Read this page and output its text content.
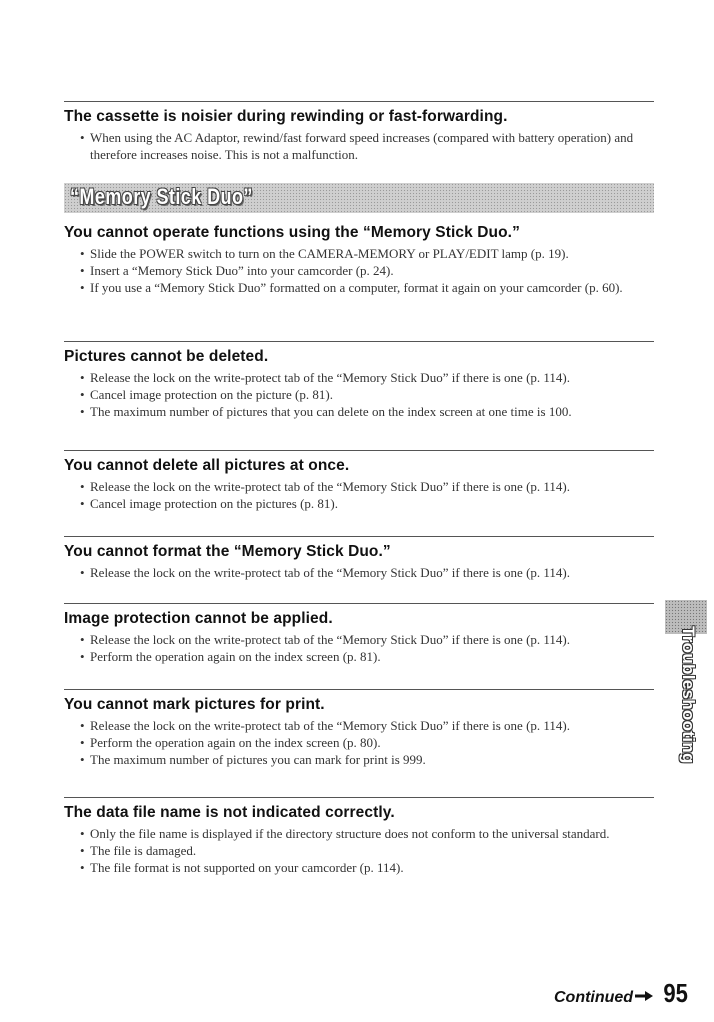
The cassette is noisier during rewinding or fast-forwarding.
• When using the AC Adaptor, rewind/fast forward speed increases (compared with battery operation) and therefore increases noise. This is not a malfunction.
“Memory Stick Duo”
You cannot operate functions using the “Memory Stick Duo.”
• Slide the POWER switch to turn on the CAMERA-MEMORY or PLAY/EDIT lamp (p. 19).
• Insert a “Memory Stick Duo” into your camcorder (p. 24).
• If you use a “Memory Stick Duo” formatted on a computer, format it again on your camcorder (p. 60).
Pictures cannot be deleted.
• Release the lock on the write-protect tab of the “Memory Stick Duo” if there is one (p. 114).
• Cancel image protection on the picture (p. 81).
• The maximum number of pictures that you can delete on the index screen at one time is 100.
You cannot delete all pictures at once.
• Release the lock on the write-protect tab of the “Memory Stick Duo” if there is one (p. 114).
• Cancel image protection on the pictures (p. 81).
You cannot format the “Memory Stick Duo.”
• Release the lock on the write-protect tab of the “Memory Stick Duo” if there is one (p. 114).
Image protection cannot be applied.
• Release the lock on the write-protect tab of the “Memory Stick Duo” if there is one (p. 114).
• Perform the operation again on the index screen (p. 81).
You cannot mark pictures for print.
• Release the lock on the write-protect tab of the “Memory Stick Duo” if there is one (p. 114).
• Perform the operation again on the index screen (p. 80).
• The maximum number of pictures you can mark for print is 999.
The data file name is not indicated correctly.
• Only the file name is displayed if the directory structure does not conform to the universal standard.
• The file is damaged.
• The file format is not supported on your camcorder (p. 114).
Troubleshooting
Continued 95
